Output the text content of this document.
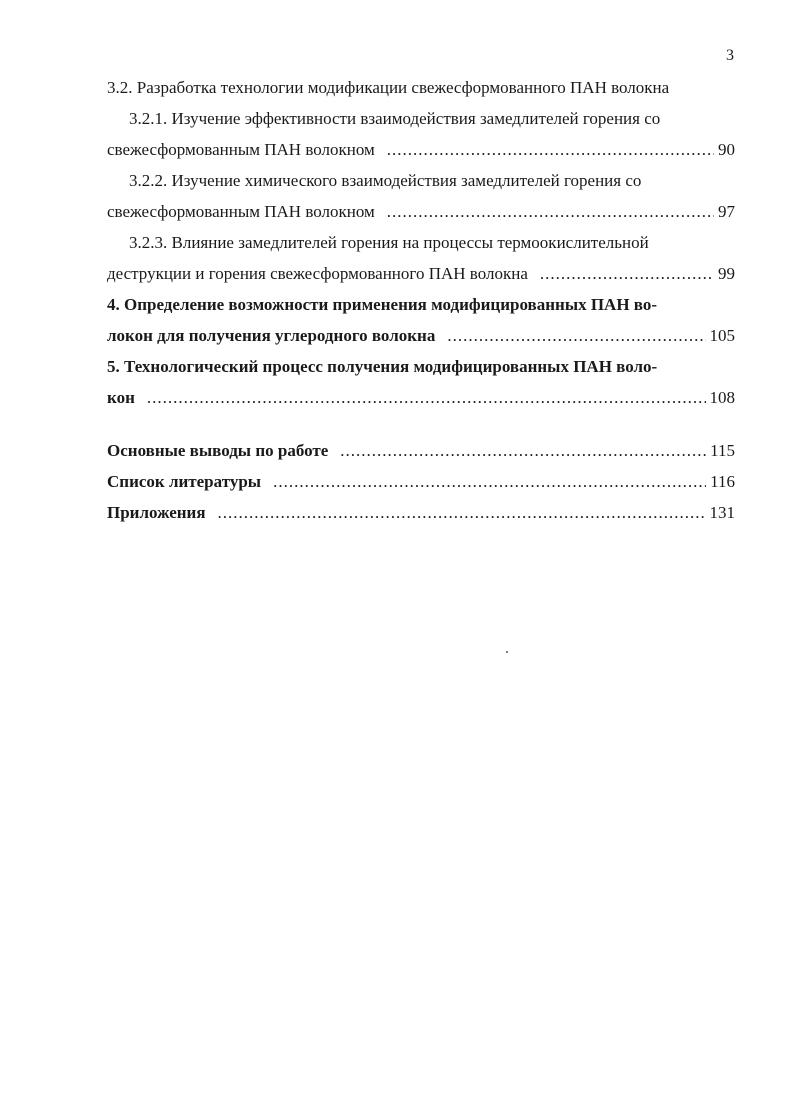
3
3.2. Разработка технологии модификации свежесформованного ПАН волокна
3.2.1. Изучение эффективности взаимодействия замедлителей горения со
свежесформованным ПАН волокном .....	90
3.2.2. Изучение химического взаимодействия замедлителей горения со
свежесформованным ПАН волокном .....	97
3.2.3. Влияние замедлителей горения на процессы термоокислительной
деструкции и горения свежесформованного ПАН волокна .....	99
4. Определение возможности применения модифицированных ПАН во-
локон для получения углеродного волокна .....	105
5. Технологический процесс получения модифицированных ПАН воло-
кон .....	108
Основные выводы по работе .....	115
Список литературы .....	116
Приложения .....	131
